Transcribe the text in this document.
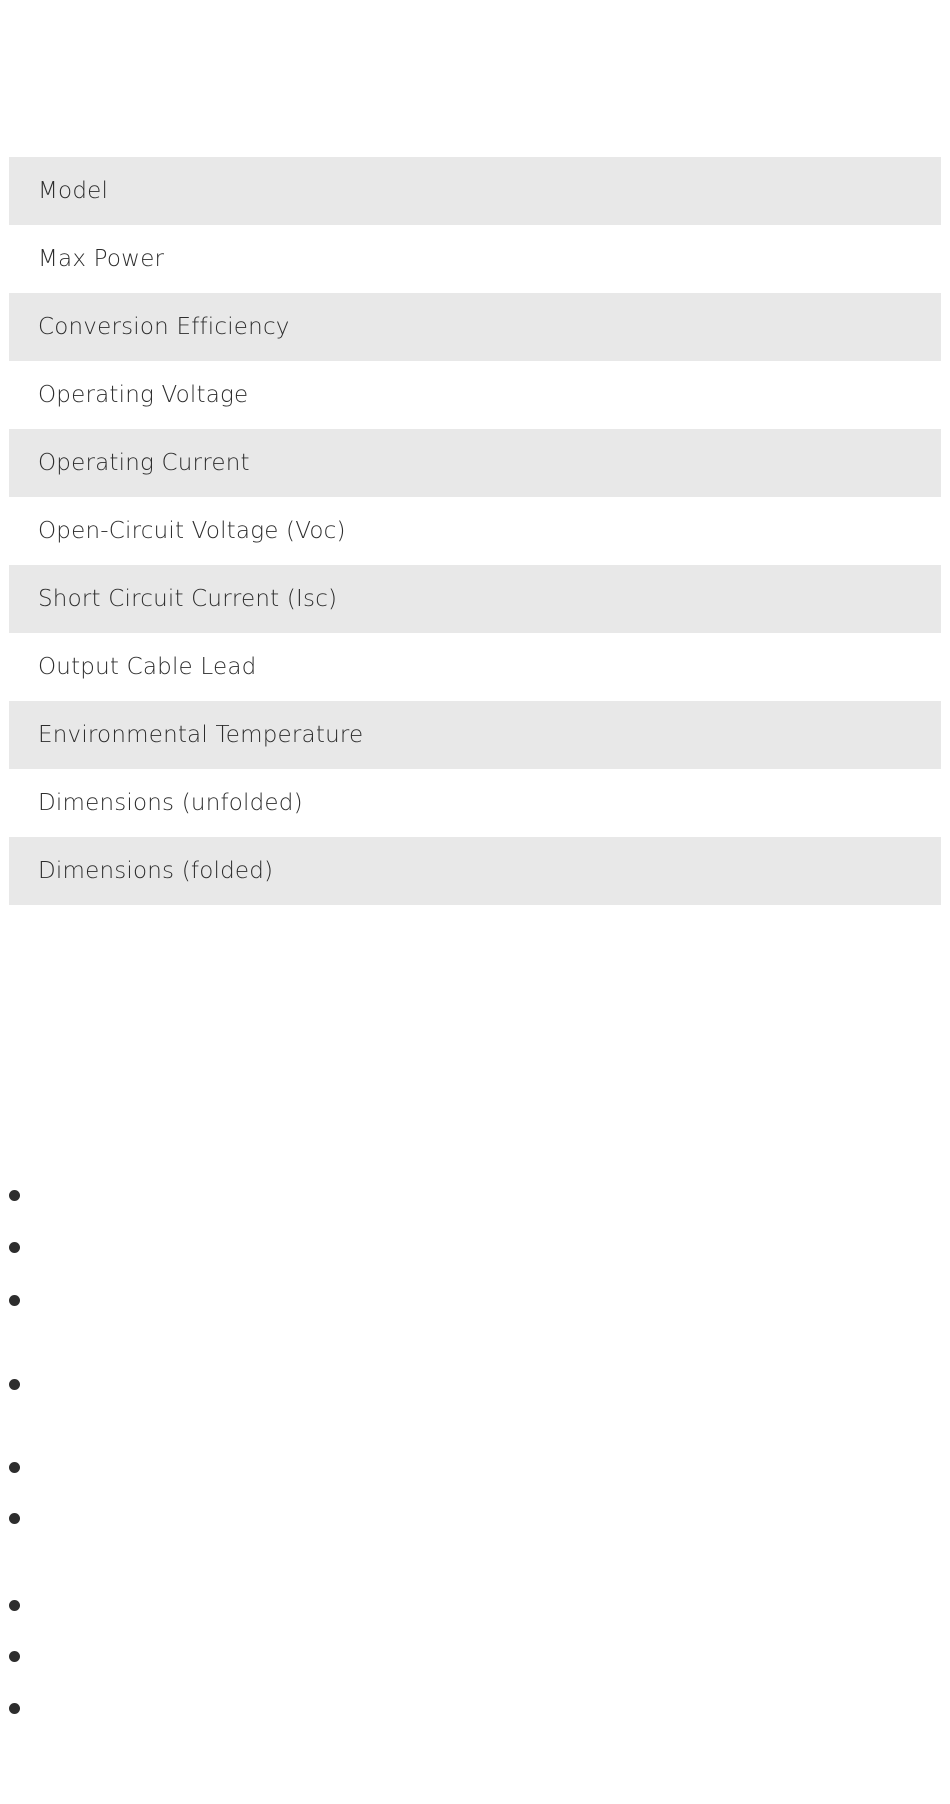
Model
Max Power
Conversion Efficiency
Operating Voltage
Operating Current
Open-Circuit Voltage (Voc)
Short Circuit Current (Isc)
Output Cable Lead
Environmental Temperature
Dimensions (unfolded)
Dimensions (folded)
